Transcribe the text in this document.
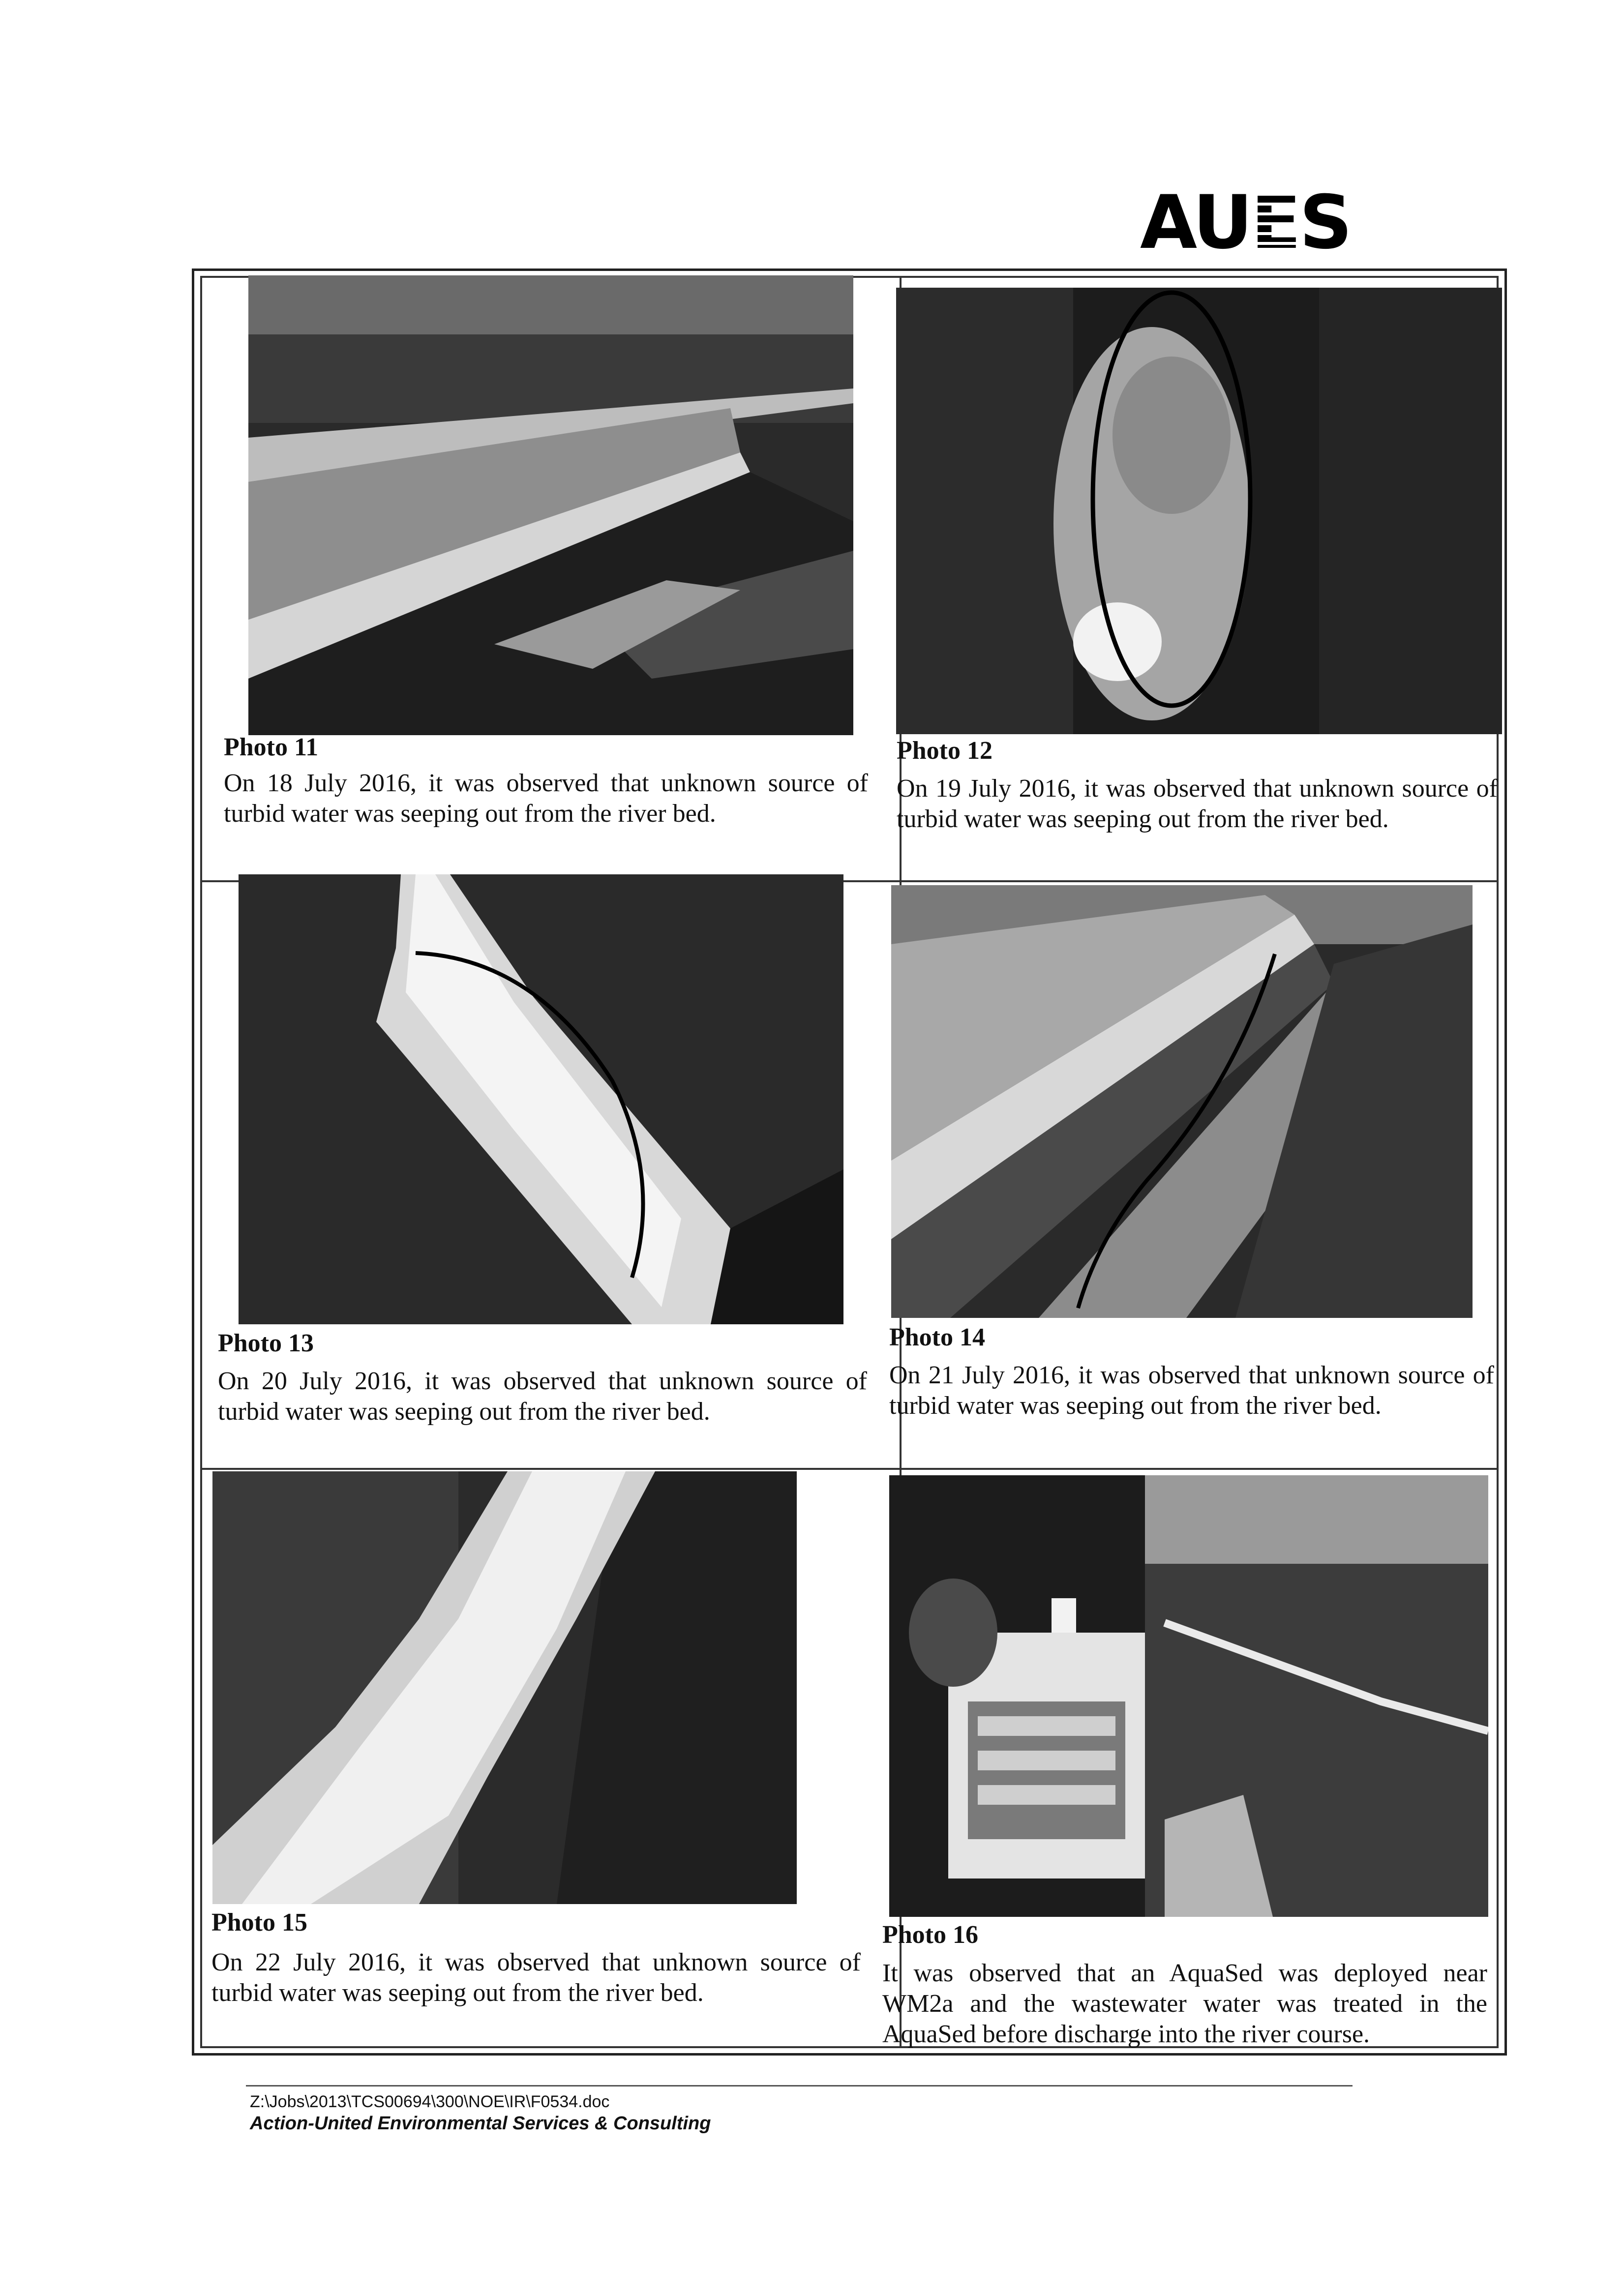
AUES
Photo 11
On 18 July 2016, it was observed that unknown source of turbid water was seeping out from the river bed.
Photo 12
On 19 July 2016, it was observed that unknown source of turbid water was seeping out from the river bed.
Photo 13
On 20 July 2016, it was observed that unknown source of turbid water was seeping out from the river bed.
Photo 14
On 21 July 2016, it was observed that unknown source of turbid water was seeping out from the river bed.
Photo 15
On 22 July 2016, it was observed that unknown source of turbid water was seeping out from the river bed.
Photo 16
It was observed that an AquaSed was deployed near WM2a and the wastewater water was treated in the AquaSed before discharge into the river course.
Z:\Jobs\2013\TCS00694\300\NOE\IR\F0534.doc
Action-United Environmental Services & Consulting
